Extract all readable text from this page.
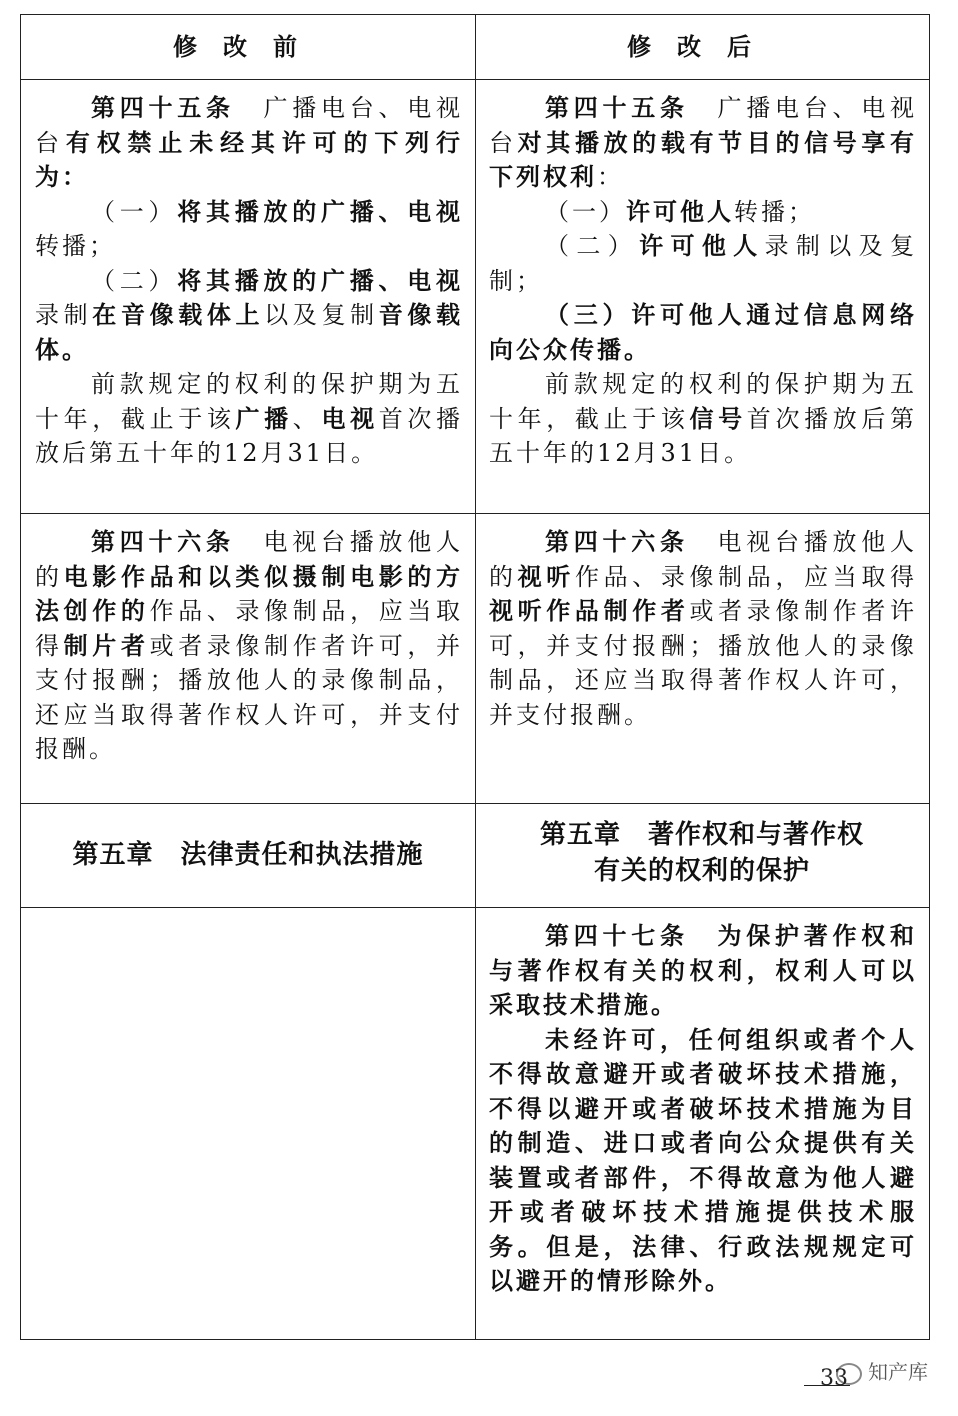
修改前	修改后

第四十五条　广播电台、电视台有权禁止未经其许可的下列行为：

（一）将其播放的广播、电视转播；

（二）将其播放的广播、电视录制在音像载体上以及复制音像载体。

前款规定的权利的保护期为五十年，截止于该广播、电视首次播放后第五十年的12月31日。

第四十五条　广播电台、电视台对其播放的载有节目的信号享有下列权利：

（一）许可他人转播；

（二）许可他人录制以及复制；

（三）许可他人通过信息网络向公众传播。

前款规定的权利的保护期为五十年，截止于该信号首次播放后第五十年的12月31日。

第四十六条　电视台播放他人的电影作品和以类似摄制电影的方法创作的作品、录像制品，应当取得制片者或者录像制作者许可，并支付报酬；播放他人的录像制品，还应当取得著作权人许可，并支付报酬。

第四十六条　电视台播放他人的视听作品、录像制品，应当取得视听作品制作者或者录像制作者许可，并支付报酬；播放他人的录像制品，还应当取得著作权人许可，并支付报酬。

第五章　法律责任和执法措施
第五章　著作权和与著作权
有关的权利的保护

第四十七条　为保护著作权和与著作权有关的权利，权利人可以采取技术措施。

未经许可，任何组织或者个人不得故意避开或者破坏技术措施，不得以避开或者破坏技术措施为目的制造、进口或者向公众提供有关装置或者部件，不得故意为他人避开或者破坏技术措施提供技术服务。但是，法律、行政法规规定可以避开的情形除外。

33 知产库
